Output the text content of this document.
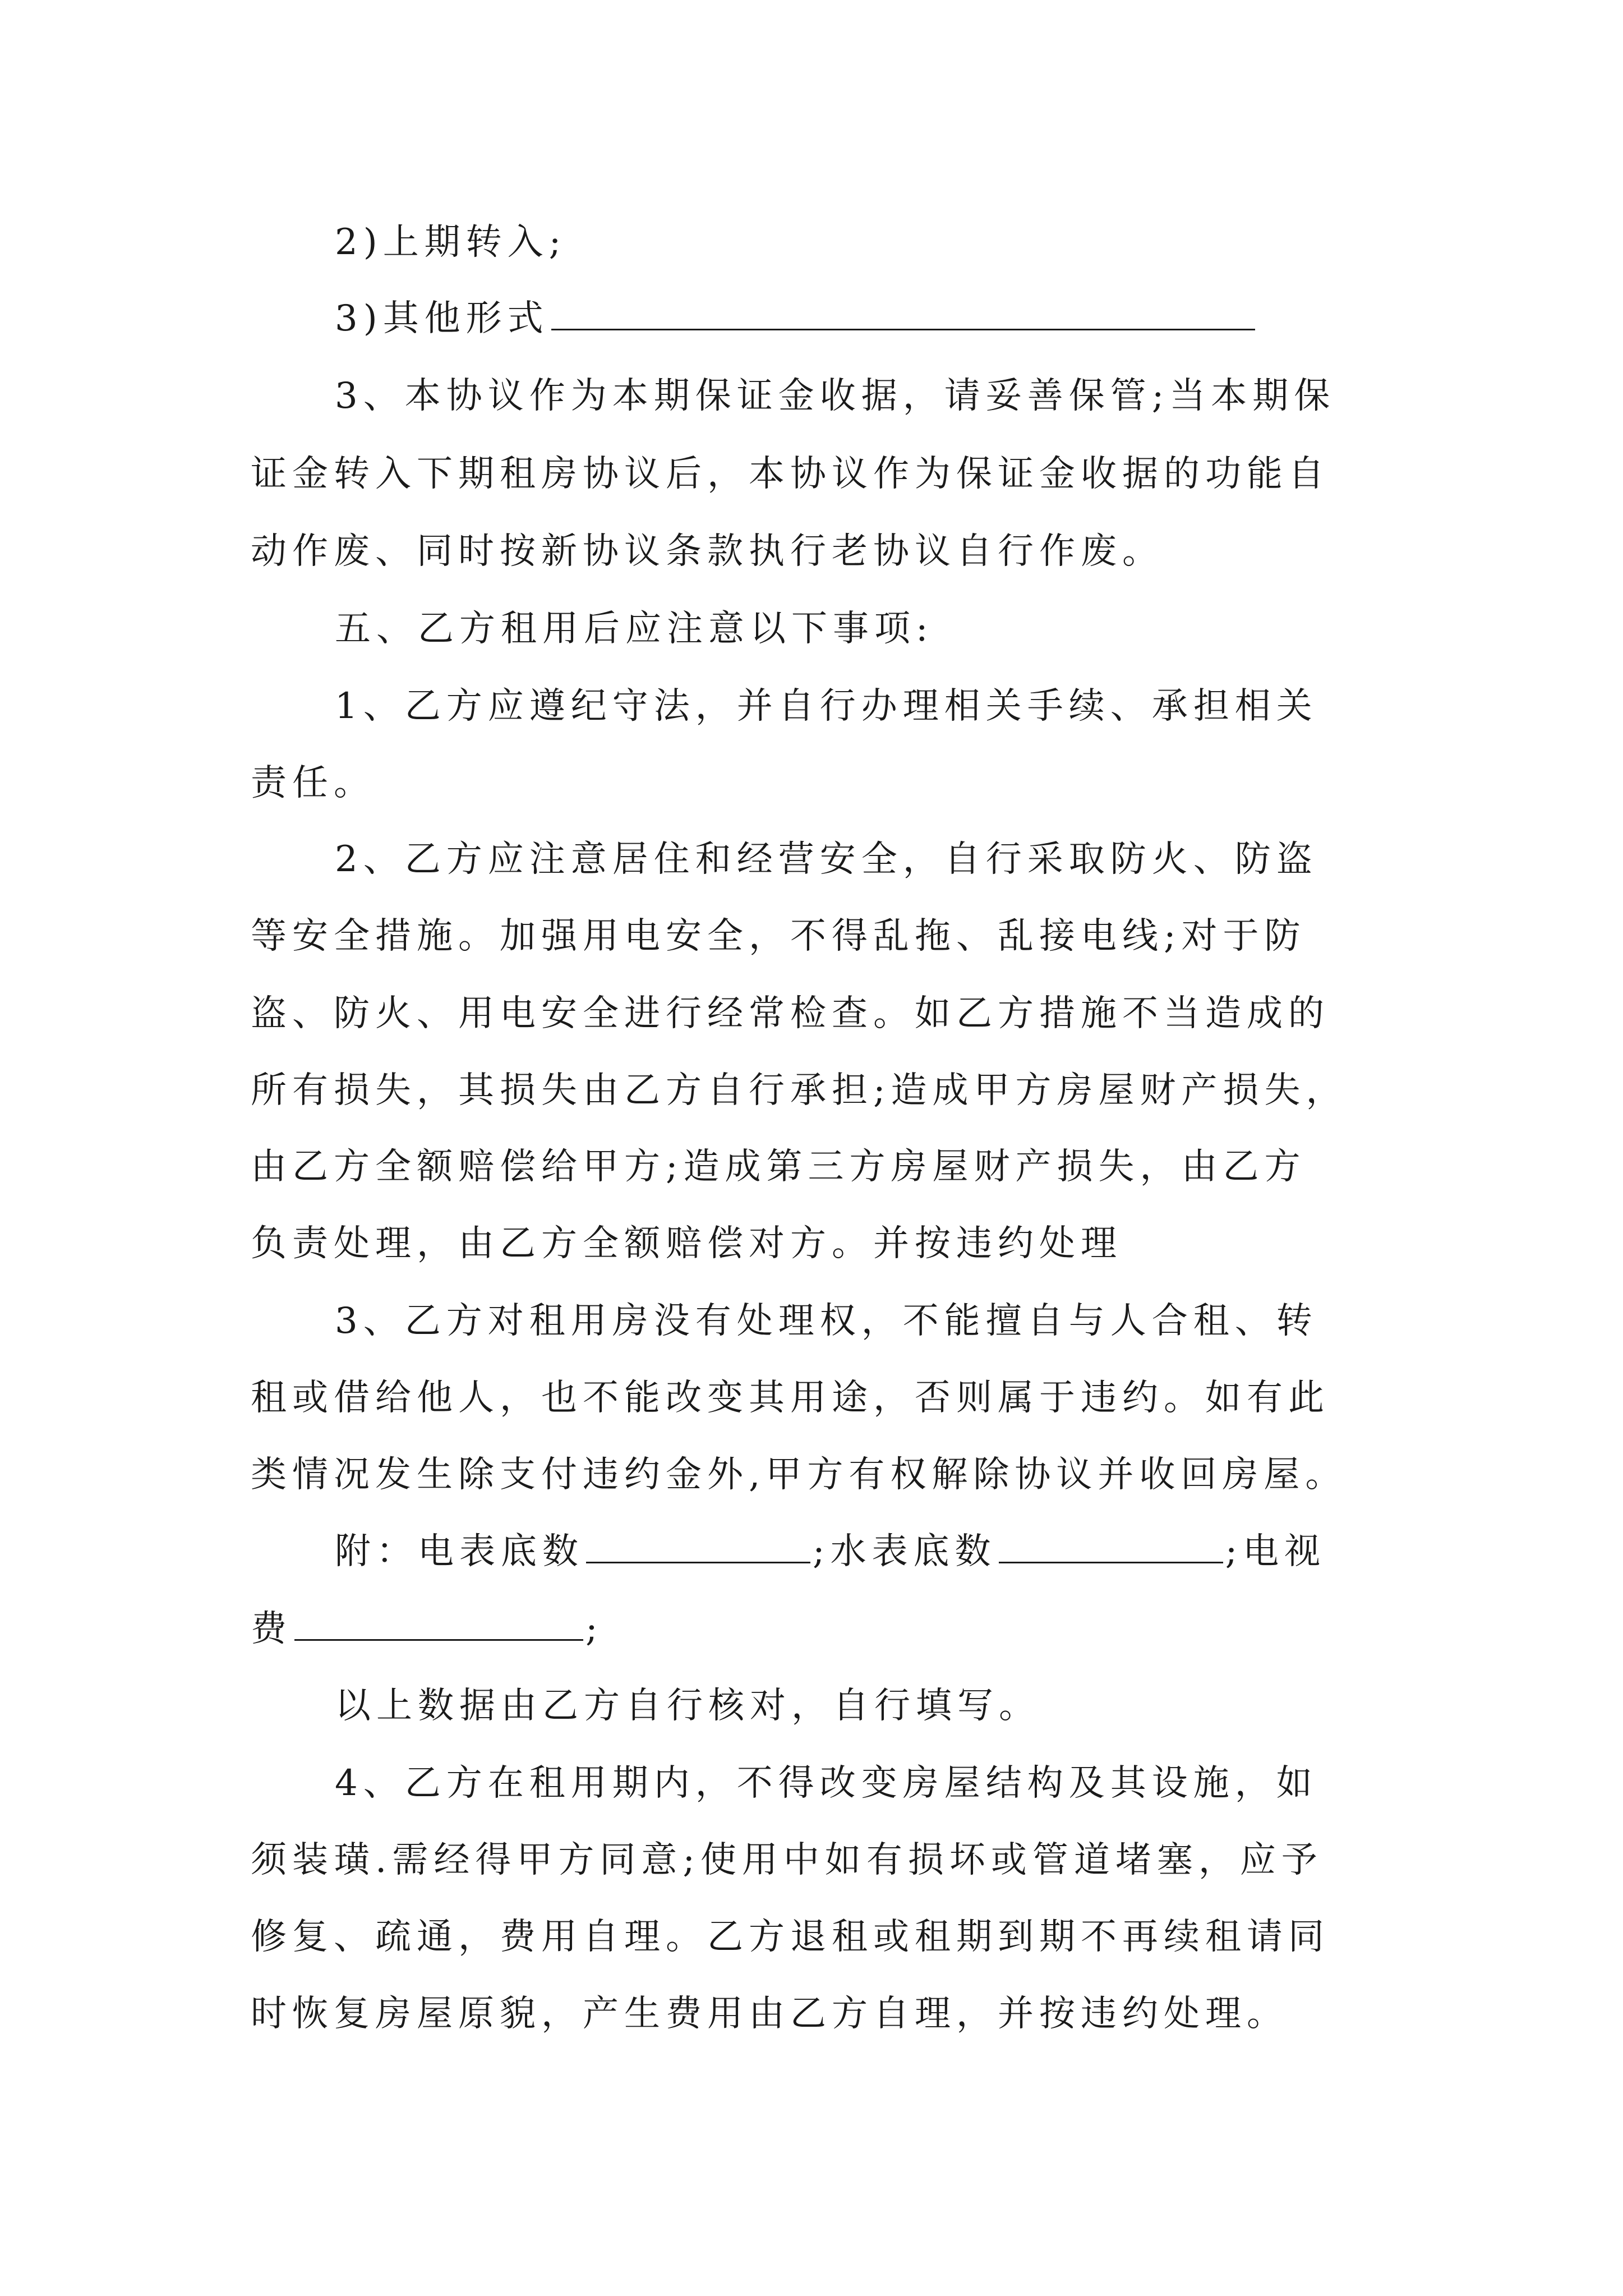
2)上期转入;
3)其他形式
3、本协议作为本期保证金收据，请妥善保管;当本期保
证金转入下期租房协议后，本协议作为保证金收据的功能自
动作废、同时按新协议条款执行老协议自行作废。
五、乙方租用后应注意以下事项:
1、乙方应遵纪守法，并自行办理相关手续、承担相关
责任。
2、乙方应注意居住和经营安全，自行采取防火、防盗
等安全措施。加强用电安全，不得乱拖、乱接电线;对于防
盗、防火、用电安全进行经常检查。如乙方措施不当造成的
所有损失，其损失由乙方自行承担;造成甲方房屋财产损失，
由乙方全额赔偿给甲方;造成第三方房屋财产损失，由乙方
负责处理，由乙方全额赔偿对方。并按违约处理
3、乙方对租用房没有处理权，不能擅自与人合租、转
租或借给他人，也不能改变其用途，否则属于违约。如有此
类情况发生除支付违约金外,甲方有权解除协议并收回房屋。
附：电表底数	;水表底数	;电视
费	;
以上数据由乙方自行核对，自行填写。
4、乙方在租用期内，不得改变房屋结构及其设施，如
须装璜.需经得甲方同意;使用中如有损坏或管道堵塞，应予
修复、疏通，费用自理。乙方退租或租期到期不再续租请同
时恢复房屋原貌，产生费用由乙方自理，并按违约处理。
